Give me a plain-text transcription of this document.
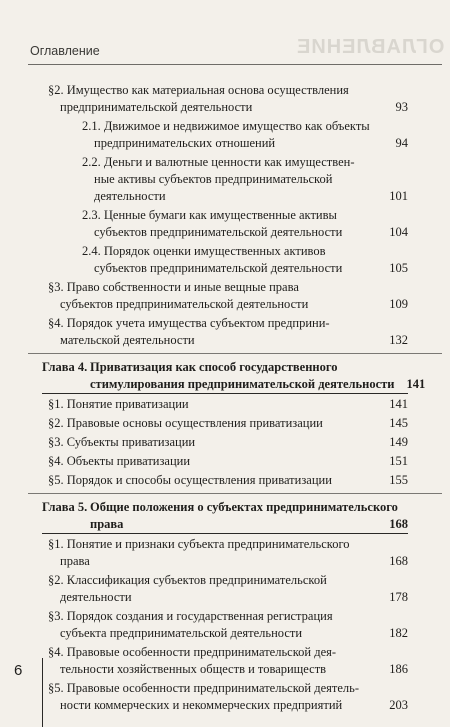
Оглавление	ОГЛАВЛЕНИЕ
§2. Имущество как материальная основа осуществления
предпринимательской деятельности	93
2.1. Движимое и недвижимое имущество как объекты
предпринимательских отношений	94
2.2. Деньги и валютные ценности как имуществен-
ные активы субъектов предпринимательской
деятельности	101
2.3. Ценные бумаги как имущественные активы
субъектов предпринимательской деятельности	104
2.4. Порядок оценки имущественных активов
субъектов предпринимательской деятельности	105
§3. Право собственности и иные вещные права
субъектов предпринимательской деятельности	109
§4. Порядок учета имущества субъектом предприни-
мательской деятельности	132
Глава 4. Приватизация как способ государственного
стимулирования предпринимательской деятельности 141
§1. Понятие приватизации	141
§2. Правовые основы осуществления приватизации	145
§3. Субъекты приватизации	149
§4. Объекты приватизации	151
§5. Порядок и способы осуществления приватизации	155
Глава 5. Общие положения о субъектах предпринимательского
права	168
§1. Понятие и признаки субъекта предпринимательского
права	168
§2. Классификация субъектов предпринимательской
деятельности	178
§3. Порядок создания и государственная регистрация
субъекта предпринимательской деятельности	182
§4. Правовые особенности предпринимательской дея-
тельности хозяйственных обществ и товариществ	186
§5. Правовые особенности предпринимательской деятель-
ности коммерческих и некоммерческих предприятий	203
6
